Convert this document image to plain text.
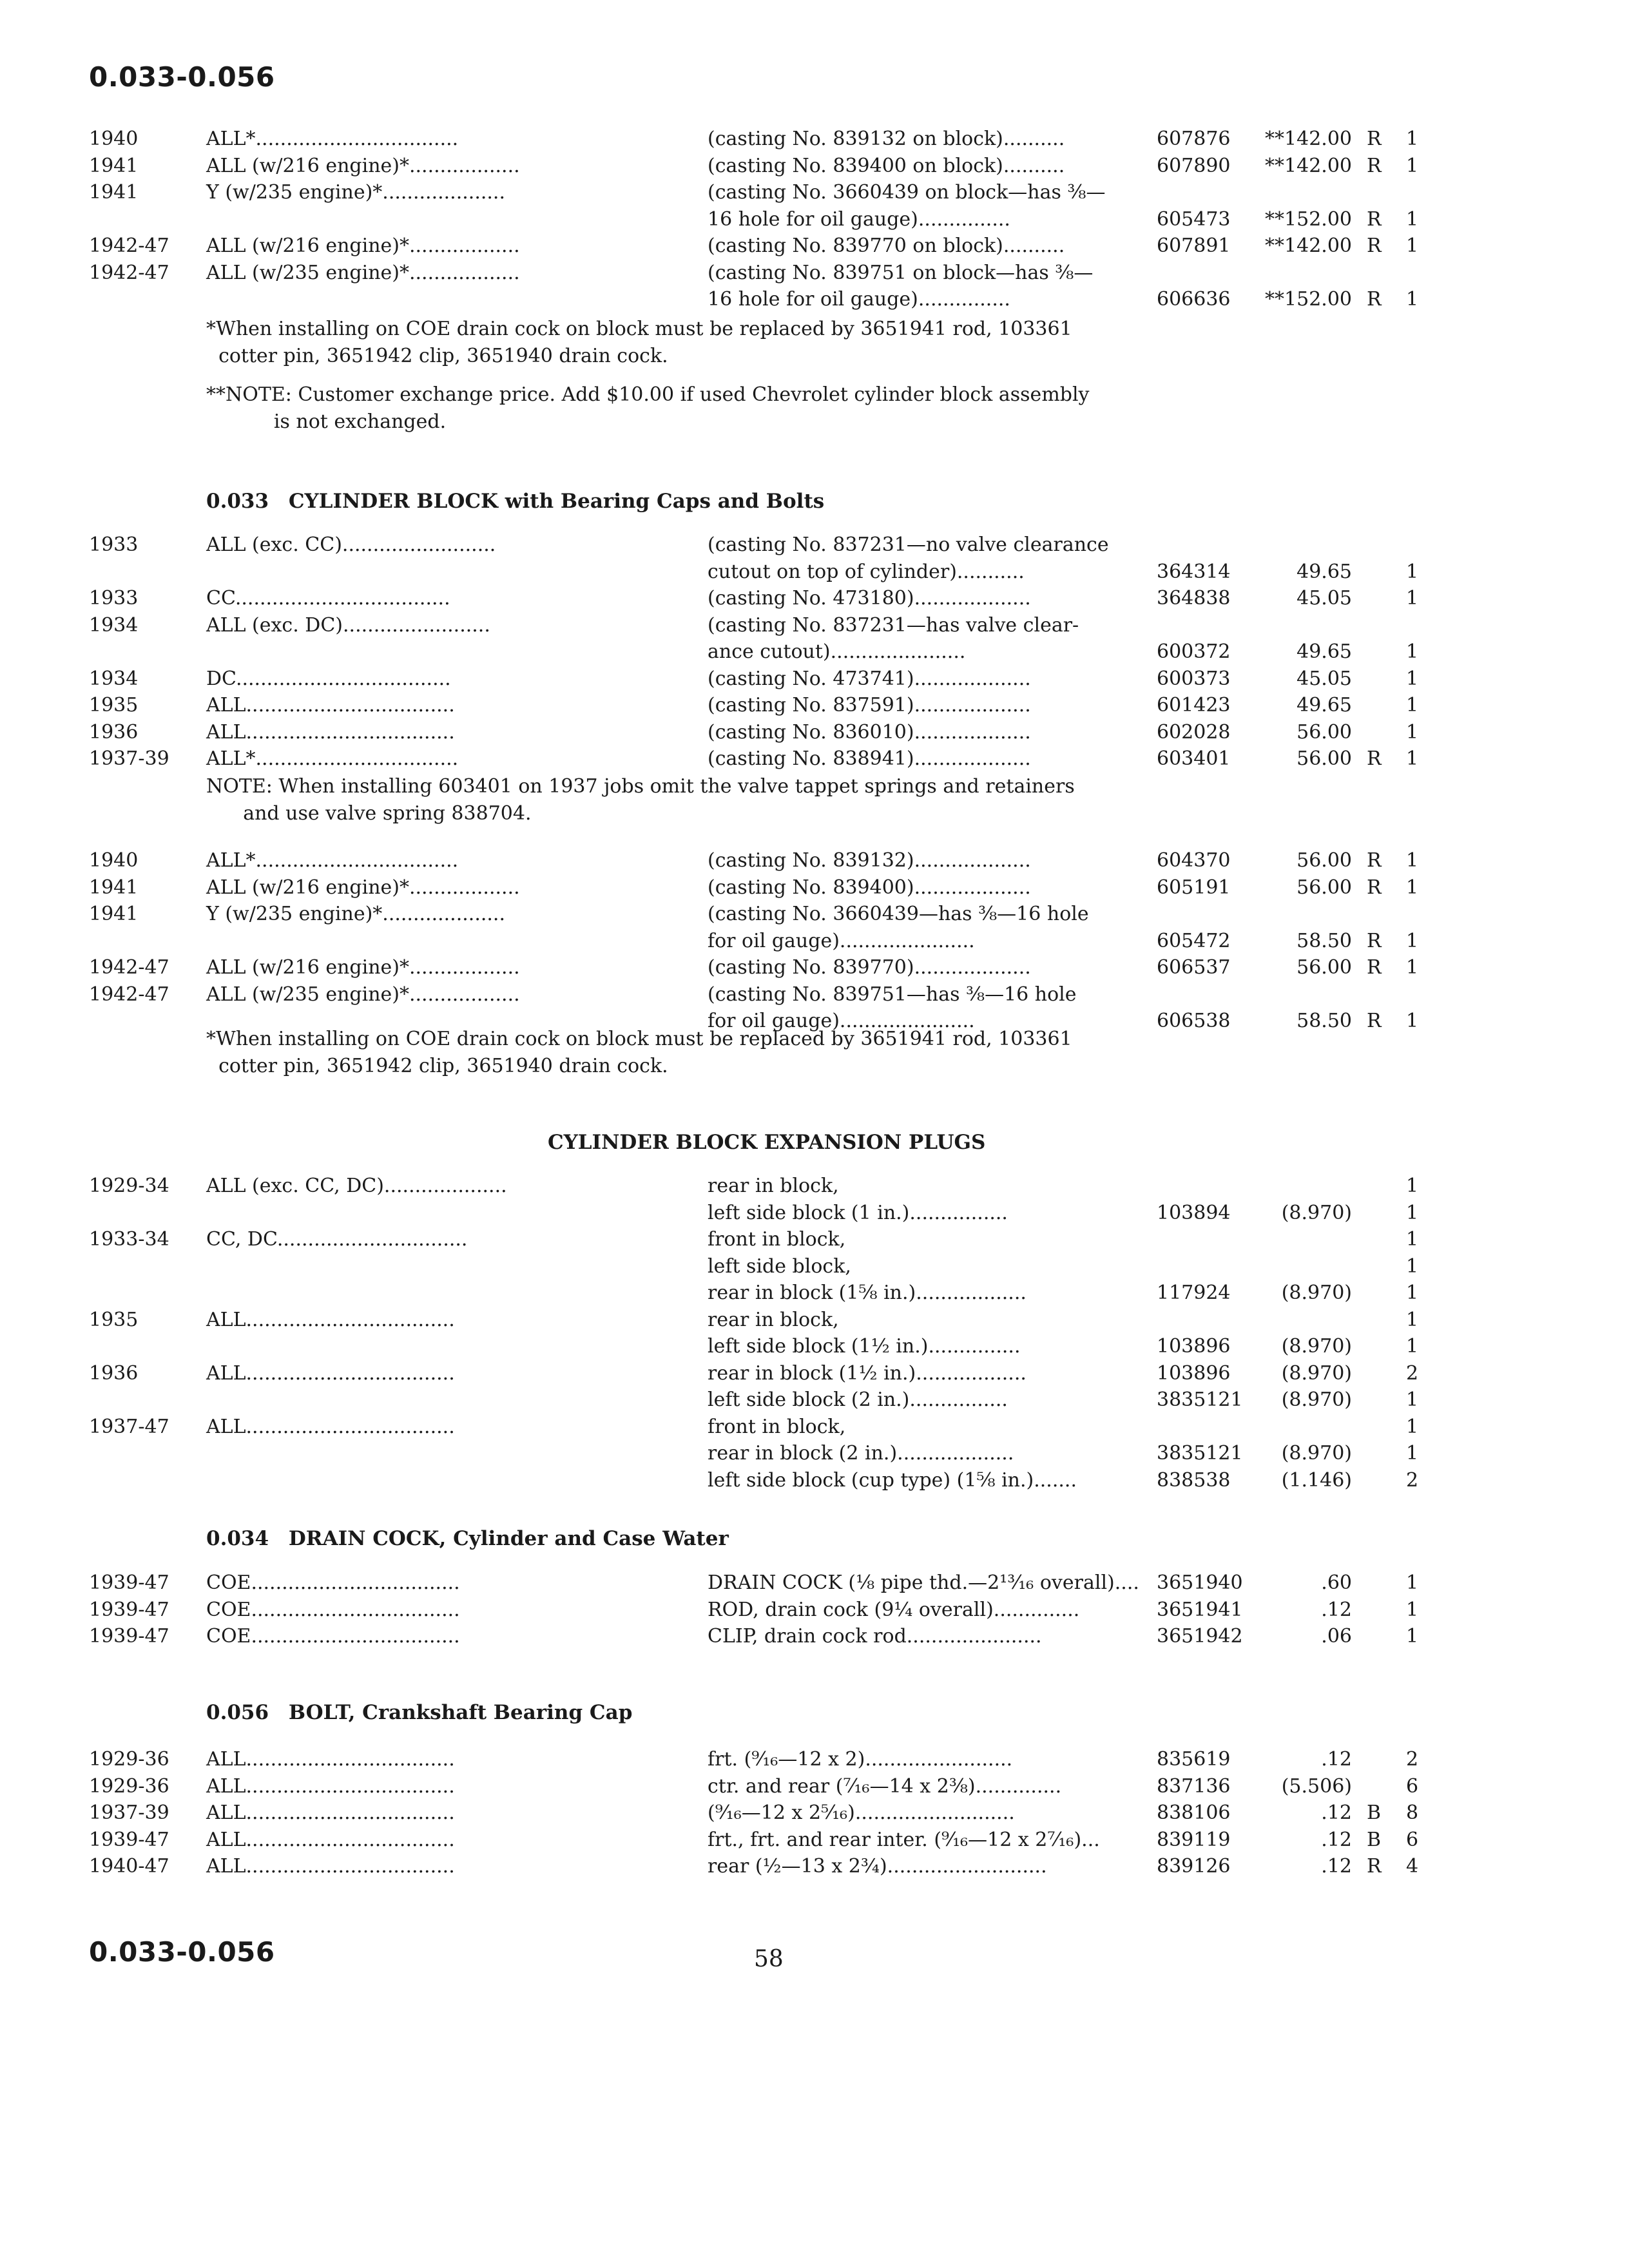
0.033-0.056
1940	ALL*.................................	(casting No. 839132 on block)..........	607876 **142.00 R 1
1941	ALL (w/216 engine)*..................	(casting No. 839400 on block)..........	607890 **142.00 R 1
1941	Y (w/235 engine)*....................	(casting No. 3660439 on block—has ⅜—
16 hole for oil gauge)...............	605473 **152.00 R 1
1942-47 ALL (w/216 engine)*..................	(casting No. 839770 on block)..........	607891 **142.00 R 1
1942-47 ALL (w/235 engine)*..................	(casting No. 839751 on block—has ⅜—
16 hole for oil gauge)...............	606636 **152.00 R 1
*When installing on COE drain cock on block must be replaced by 3651941 rod, 103361
cotter pin, 3651942 clip, 3651940 drain cock.
**NOTE: Customer exchange price. Add $10.00 if used Chevrolet cylinder block assembly
is not exchanged.
0.033 CYLINDER BLOCK with Bearing Caps and Bolts
1933	ALL (exc. CC).........................	(casting No. 837231—no valve clearance
cutout on top of cylinder)...........	364314	49.65	1
1933	CC...................................	(casting No. 473180)...................	364838	45.05	1
1934	ALL (exc. DC)........................	(casting No. 837231—has valve clear-
ance cutout)......................	600372	49.65	1
1934	DC...................................	(casting No. 473741)...................	600373	45.05	1
1935	ALL..................................	(casting No. 837591)...................	601423	49.65	1
1936	ALL..................................	(casting No. 836010)...................	602028	56.00	1
1937-39 ALL*.................................	(casting No. 838941)...................	603401	56.00 R 1
NOTE: When installing 603401 on 1937 jobs omit the valve tappet springs and retainers
and use valve spring 838704.
1940	ALL*.................................	(casting No. 839132)...................	604370	56.00 R 1
1941	ALL (w/216 engine)*..................	(casting No. 839400)...................	605191	56.00 R 1
1941	Y (w/235 engine)*....................	(casting No. 3660439—has ⅜—16 hole
for oil gauge)......................	605472	58.50 R 1
1942-47 ALL (w/216 engine)*..................	(casting No. 839770)...................	606537	56.00 R 1
1942-47 ALL (w/235 engine)*..................	(casting No. 839751—has ⅜—16 hole
for oil gauge)......................	606538	58.50 R 1
*When installing on COE drain cock on block must be replaced by 3651941 rod, 103361
cotter pin, 3651942 clip, 3651940 drain cock.
CYLINDER BLOCK EXPANSION PLUGS
1929-34 ALL (exc. CC, DC)....................	rear in block,	1
left side block (1 in.)................	103894	(8.970)	1
1933-34 CC, DC...............................	front in block,	1
left side block,	1
rear in block (1⅝ in.)..................	117924	(8.970)	1
1935	ALL..................................	rear in block,	1
left side block (1½ in.)...............	103896	(8.970)	1
1936	ALL..................................	rear in block (1½ in.)..................	103896	(8.970)	2
left side block (2 in.)................	3835121 (8.970)	1
1937-47 ALL..................................	front in block,	1
rear in block (2 in.)...................	3835121 (8.970)	1
left side block (cup type) (1⅝ in.).......	838538	(1.146)	2
0.034 DRAIN COCK, Cylinder and Case Water
1939-47 COE..................................	DRAIN COCK (⅛ pipe thd.—2¹³⁄₁₆ overall).... 3651940	.60	1
1939-47 COE..................................	ROD, drain cock (9¼ overall)..............	3651941	.12	1
1939-47 COE..................................	CLIP, drain cock rod......................	3651942	.06	1
0.056 BOLT, Crankshaft Bearing Cap
1929-36 ALL..................................	frt. (⁹⁄₁₆—12 x 2)........................	835619	.12	2
1929-36 ALL..................................	ctr. and rear (⁷⁄₁₆—14 x 2⅜)..............	837136	(5.506)	6
1937-39 ALL..................................	(⁹⁄₁₆—12 x 2⁵⁄₁₆)..........................	838106	.12 B 8
1939-47 ALL..................................	frt., frt. and rear inter. (⁹⁄₁₆—12 x 2⁷⁄₁₆)...	839119	.12 B 6
1940-47 ALL..................................	rear (½—13 x 2¾)..........................	839126	.12 R 4
0.033-0.056	58
